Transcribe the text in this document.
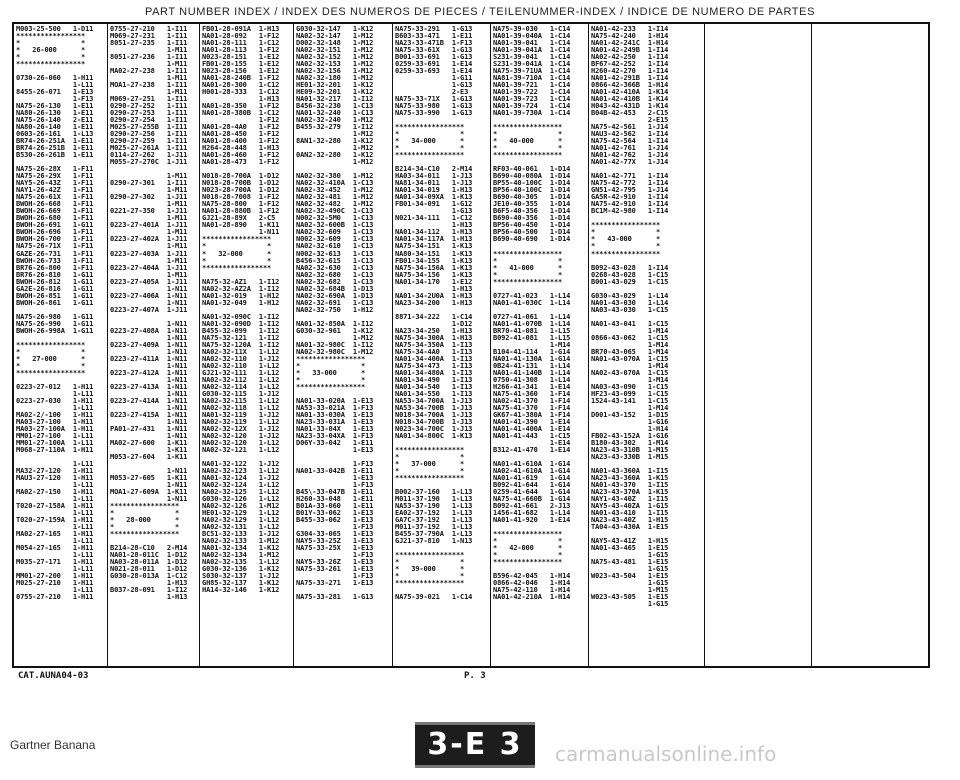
PART NUMBER INDEX / INDEX DES NUMEROS DE PIECES / TEILENUMMER-INDEX / INDICE DE NUMERO DE PARTES
M003-25-500   1-D11
*****************
*               *
*   26-000      *
*               *
*****************
0730-26-060   1-H11
1-L11
8455-26-071   1-E13
1-F13
NA75-26-130   1-E11
NA80-26-130   1-E11
NA75-26-140   2-E11
NA80-26-140   1-E11
0603-26-161   1-L13
BR74-26-251A  1-E11
BR74-26-251B  1-E11
B530-26-261B  1-E11
NA75-26-28X   1-F11
NA75-26-29X   1-F11
NAY5-26-43Z   1-F11
NAY1-26-42Z   1-F11
NA75-26-61X   1-F11
BWOH-26-668   1-F11
BWOH-26-669   1-F11
BWOH-26-680   1-F11
BWOH-26-691   1-G11
BWOH-26-696   1-F11
BWOH-26-700   1-F11
NA75-26-71X   1-F11
GAZE-26-731   1-F11
BWOH-26-733   1-F11
BR76-26-800   1-F11
BR76-26-810   1-G11
BWOH-26-812   1-G11
GA2E-26-816   1-G11
BWOH-26-851   1-G11
BWOH-26-861   1-G11
NA75-26-980   1-G11
NA75-26-990   1-G11
BWOH-26-998A  1-G11
*****************
*               *
*   27-000      *
*               *
*****************
0223-27-012   1-H11
1-L11
0223-27-030   1-H11
1-L11
MA02-2/-100   1-H11
MA03-27-100   1-H11
MA03-27-100A  1-H11
MM01-27-100   1-L11
MM01-27-100A  1-L11
M068-27-110A  1-H11
1-L11
MA32-27-120   1-H11
MAU3-27-120   1-H11
1-L11
MA02-27-150   1-H11
1-L11
T020-27-158A  1-H11
1-L11
T020-27-159A  1-H11
1-L11
MA02-27-165   1-H11
1-L11
M054-27-165   1-H11
1-L11
M035-27-171   1-H11
1-L11
MM01-27-200   1-H11
M025-27-210   1-H11
1-L11
0755-27-210   1-H11
0755-27-210   1-I11
M069-27-231   1-I11
8051-27-235   1-I11
1-M11
8051-27-236   1-I11
1-M11
MA02-27-238   1-I11
1-M11
MOA1-27-238   1-I11
1-M11
M069-27-251   1-I11
0290-27-252   1-I11
0290-27-253   1-I11
0290-27-254   1-I11
M025-27-255B  1-I11
0290-27-256   1-I11
0290-27-259   1-I11
M025-27-261A  1-I11
0114-27-262   1-J11
M055-27-270C  1-J11
1-M11
0290-27-301   1-I11
1-M11
0290-27-302   1-J11
1-M11
0221-27-350   1-J11
1-M11
0223-27-401A  1-J11
1-M11
0223-27-402A  1-J11
1-M11
0223-27-403A  1-J11
1-M11
0223-27-404A  1-J11
1-M11
0223-27-405A  1-J11
1-N11
0223-27-406A  1-N11
1-N11
0223-27-407A  1-J11
1-N11
0223-27-408A  1-N11
1-N11
0223-27-409A  1-N11
1-N11
0223-27-411A  1-N11
1-N11
0223-27-412A  1-N11
1-N11
0223-27-413A  1-N11
1-N11
0223-27-414A  1-N11
1-N11
0223-27-415A  1-N11
1-N11
PA01-27-431   1-N11
1-N11
MA02-27-600   1-K11
1-K11
M053-27-604   1-K11
1-N11
M053-27-605   1-K11
1-N11
MOA1-27-609A  1-K11
1-N11
*****************
*               *
*   28-000      *
*               *
*****************
B214-28-C10   2-M14
NA01-28-011C  1-D12
NA03-28-011A  1-D12
N021-28-011   1-D12
G030-28-013A  1-C12
1-H13
B037-28-091   1-I12
1-H13
FB01-28-091A  1-H13
NA01-28-092   1-F12
NA01-28-111   1-C12
NA01-28-113   1-F12
N023-28-151   1-E12
FB01-28-155   1-E12
N023-28-156   1-E12
NA01-28-240B  1-F12
NA01-28-300   1-C12
H001-28-333   1-C12
1-H13
NA01-28-350   1-F12
NA01-28-380B  1-C12
1-F12
NA01-28-4A0   1-F12
NA01-28-450   1-F12
NA01-28-400   1-F12
H264-28-448   1-H13
NA01-28-460   1-F12
NA01-28-473   1-F12
N018-28-700A  1-D12
N018-28-700B  1-D12
N023-28-700A  1-D12
N018-28-7008  1-F12
NA75-28-800   1-F12
NA01-28-880B  1-F12
GJ21-28-89X   2-C5
NA01-28-890   1-K11
1-N11
*****************
*               *
*   32-000      *
*               *
*****************
NA75-32-AZ1   1-I12
NA02-32-AZ2A  1-I12
NA01-32-019   1-H12
NA01-32-049   1-H12
NA01-32-090C  1-I12
NA01-32-090D  1-I12
B455-32-099   1-I12
NA75-32-121   1-I12
NA75-32-120A  1-I12
NA02-32-11X   1-L12
NA02-32-110   1-J12
NA02-32-110   1-L12
GJ21-32-111   1-L12
NA02-32-112   1-L12
NA02-32-114   1-L12
G030-32-115   1-J12
NA02-32-115   1-L12
NA02-32-118   1-L12
NA01-32-119   1-J12
NA02-32-119   1-L12
NA02-32-12X   1-J12
NA02-32-120   1-J12
NA02-32-120   1-L12
NA02-32-121   1-L12
NA01-32-122   1-J12
NA02-32-123   1-L12
NA01-32-124   1-J12
NA02-32-124   1-L12
NA02-32-125   1-L12
G030-32-126   1-L12
NA02-32-126   1-M12
HE01-32-129   1-L12
NA02-32-129   1-L12
NA02-32-131   1-L12
BC51-32-133   1-J12
NA02-32-133   1-M12
NA01-32-134   1-K12
NA02-32-134   1-M12
NA02-32-135   1-L12
G030-32-136   1-K12
S030-32-137   1-J12
GH85-32-137   1-K12
HA14-32-146   1-K12
G030-32-147   1-K12
NA02-32-147   1-M12
D002-32-148   1-M12
NA02-32-151   1-M12
NA02-32-152   1-M12
NA02-32-153   1-M12
NA02-32-156   1-M12
NA02-32-180   1-M12
HE01-32-201   1-K12
HE09-32-201   1-K12
NA01-32-217   1-I12
B456-32-230   1-C13
NA01-32-240   1-C13
NA02-32-240   1-M12
B455-32-279   1-I12
1-M12
8AN1-32-280   1-K12
1-M12
0AN2-32-280   1-K12
1-M12
NA02-32-380   1-M12
NA02-32-410A  1-C13
NA02-32-452   1-M12
NA02-32-481   1-M12
NA02-32-482   1-M12
NA02-32-490C  1-C13
N002-32-5M0   1-C13
NA02-32-600B  1-C13
NA02-32-609   1-C13
N002-32-609   1-C13
NA02-32-610   1-C13
N002-32-613   1-C13
B456-32-615   1-C13
NA02-32-630   1-C13
NA02-32-680   1-C13
NA02-32-682   1-C13
NA02-32-684B  1-D13
NA02-32-690A  1-D13
NA02-32-691   1-C13
NA02-32-750   1-H12
NA01-32-850A  1-I12
G030-32-961   1-K12
1-M12
NA01-32-980C  1-I12
NA02-32-980C  1-M12
*****************
*               *
*   33-000      *
*               *
*****************
NA01-33-020A  1-E13
NA53-33-021A  1-F13
NA01-33-030A  1-E13
NA23-33-031A  1-E13
NA01-33-04X   1-E13
NA23-33-04XA  1-F13
D06Y-33-042   1-E11
1-E13
1-F13
NA01-33-042B  1-E11
1-E13
1-F13
B45\-33-047B  1-E11
H260-33-048   1-E11
B01A-33-060   1-E11
B01Y-33-062   1-E13
B455-33-062   1-E13
1-F13
G304-33-065   1-E13
NAY5-33-25Z   1-E13
NA75-33-25X   1-E13
1-F13
NAY5-33-26Z   1-E13
NA75-33-261   1-E13
1-F13
NA75-33-271   1-E13
NA75-33-281   1-G13
NA75-33-291   1-G13
B603-33-471   1-E11
NA23-33-471B  1-F13
NA75-33-61X   1-G13
B001-33-691   1-G13
0259-33-691   1-E14
0259-33-693   1-E14
1-G11
1-G13
2-E3
NA75-33-71X   1-G13
NA75-33-980   1-G13
NA75-33-990   1-G13
*****************
*               *
*   34-000      *
*               *
*****************
B214-34-C10   2-M14
HA03-34-011   1-J13
NA81-34-011   1-J13
NA01-34-019   1-H13
NA01-34-09XA  1-K13
FB01-34-091   1-G12
1-G13
N021-34-111   1-C12
1-H13
NA01-34-112   1-H13
NA01-34-117A  1-H13
NA75-34-151   1-K13
NA80-34-151   1-K13
FB01-34-155   1-K13
NA75-34-156A  1-K13
NA75-34-156   1-K13
NA01-34-170   1-E12
1-H13
NA01-34-2U0A  1-H13
NA23-34-200   1-H13
8871-34-222   1-C14
1-D12
NA23-34-250   1-H13
NA75-34-300A  1-H13
NA75-34-350A  1-I13
NA75-34-4A0   1-I13
NA01-34-400A  1-I13
NA75-34-473   1-I13
NA01-34-480A  1-I13
NA01-34-490   1-I13
NA01-34-540   1-I13
NA01-34-550   1-I13
NA53-34-700A  1-J13
NA53-34-700B  1-J13
N018-34-700A  1-J13
N018-34-700B  1-J13
N023-34-700C  1-J13
NA01-34-800C  1-K13
*****************
*               *
*   37-000      *
*               *
*****************
B002-37-160   1-L13
M011-37-190   1-L13
NA53-37-190   1-L13
EA02-37-192   1-L13
GA7C-37-192   1-L13
M011-37-192   1-L13
B455-37-790A  1-L13
GJ21-37-810   1-N13
*****************
*               *
*   39-000      *
*               *
*****************
NA75-39-021   1-C14
NA75-39-030   1-C14
NA01-39-040A  1-C14
NA01-39-041   1-C14
NA01-39-041A  1-C14
S231-39-041   1-C14
S231-39-041A  1-C14
NA75-39-71UA  1-C14
NA81-39-710A  1-C14
NA01-39-721   1-C14
NA01-39-722   1-C14
NA01-39-723   1-C14
NA01-39-724   1-C14
NA01-39-730A  1-C14
*****************
*               *
*   40-000      *
*               *
*****************
RF03-40-061   1-D14
B690-40-080A  1-D14
BP55-40-100C  1-D14
BP56-40-100C  1-D14
B690-40-305   1-D14
JE10-40-355   1-D14
B6F5-40-356   1-D14
B690-40-356   1-D14
BP56-40-450   1-D14
BP56-40-500   1-D14
B690-40-690   1-D14
*****************
*               *
*   41-000      *
*               *
*****************
0727-41-023   1-L14
NA01-41-030C  1-L14
0727-41-061   1-L14
NA01-41-070B  1-L14
BR70-41-081   1-L15
B092-41-081   1-L15
1-M14
B104-41-114   1-G14
NA01-41-130A  1-G14
0B24-41-131   1-L14
NA01-41-140B  1-L14
0750-41-308   1-L14
H266-41-341   1-E14
NA75-41-360   1-F14
NA02-41-370   1-F14
NA75-41-370   1-F14
GK67-41-380A  1-F14
NA01-41-390   1-E14
NA01-41-400A  1-E14
NA01-41-443   1-C15
1-E14
B312-41-470   1-E14
NA01-41-610A  1-G14
NA02-41-610A  1-G14
NA01-41-619   1-G14
B092-41-644   1-G14
0259-41-644   1-G14
NA75-41-660B  1-G14
B092-41-661   2-J13
1456-41-682   1-L14
NA01-41-920   1-E14
*****************
*               *
*   42-000      *
*               *
*****************
B596-42-045   1-H14
0866-42-046   1-H14
NA75-42-110   1-H14
NA01-42-210A  1-H14
NA01-42-233   1-I14
NA75-42-240   1-H14
NA01-42-241C  1-H14
NA01-42-249B  1-I14
NA02-42-250   1-I14
BF67-42-252   1-I14
H260-42-270   1-I14
NA01-42-291B  1-I14
0866-42-366B  1-H14
NA01-42-410A  1-K14
NA01-42-410B  1-K14
H043-42-431D  1-K14
B04B-42-453   2-C15
2-E15
NA75-42-561   1-J14
NAU3-42-562   1-I14
NA75-42-564   1-I14
NA01-42-761   1-J14
NA01-42-762   1-J14
NA01-42-77X   1-J14
NA01-42-771   1-I14
NA75-42-772   1-I14
GN51-42-795   1-J14
GA5R-42-910   1-I14
NA75-42-910   1-I14
BC1M-42-980   1-I14
*****************
*               *
*   43-000      *
*               *
*****************
B092-43-028   1-I14
0268-43-028   1-C15
B001-43-029   1-C15
G030-43-029   1-L14
NA01-43-030   1-L14
NA03-43-030   1-C15
NA01-43-041   1-C15
1-M14
0866-43-062   1-C15
1-M14
BR70-43-065   1-M14
NA01-43-070A  1-C15
1-M14
NA02-43-070A  1-C15
1-M14
NA03-43-090   1-C15
HF23-43-099   1-C15
1524-43-141   1-C15
1-M14
D001-43-152   1-D15
1-G16
1-H14
FB02-43-152A  1-G16
B180-43-302   1-M14
NA23-43-310B  1-M15
NA23-43-330B  1-M15
NA01-43-360A  1-I15
NA23-43-360A  1-K15
NA01-43-370   1-I15
NA23-43-370A  1-K15
NAY1-43-40Z   1-I15
NAY5-43-40ZA  1-G15
NA01-43-410   1-I15
NA23-43-40Z   1-H15
TA04-43-430A  1-E15
NAY5-43-41Z   1-H15
NA01-43-465   1-E15
1-G15
NA75-43-481   1-E15
1-G15
W023-43-504   1-E15
1-G15
1-M15
W023-43-505   1-E15
1-G15
CAT.AUNA04-03	P. 3
Gartner Banana	3-E 3	carmanualsonline.info
